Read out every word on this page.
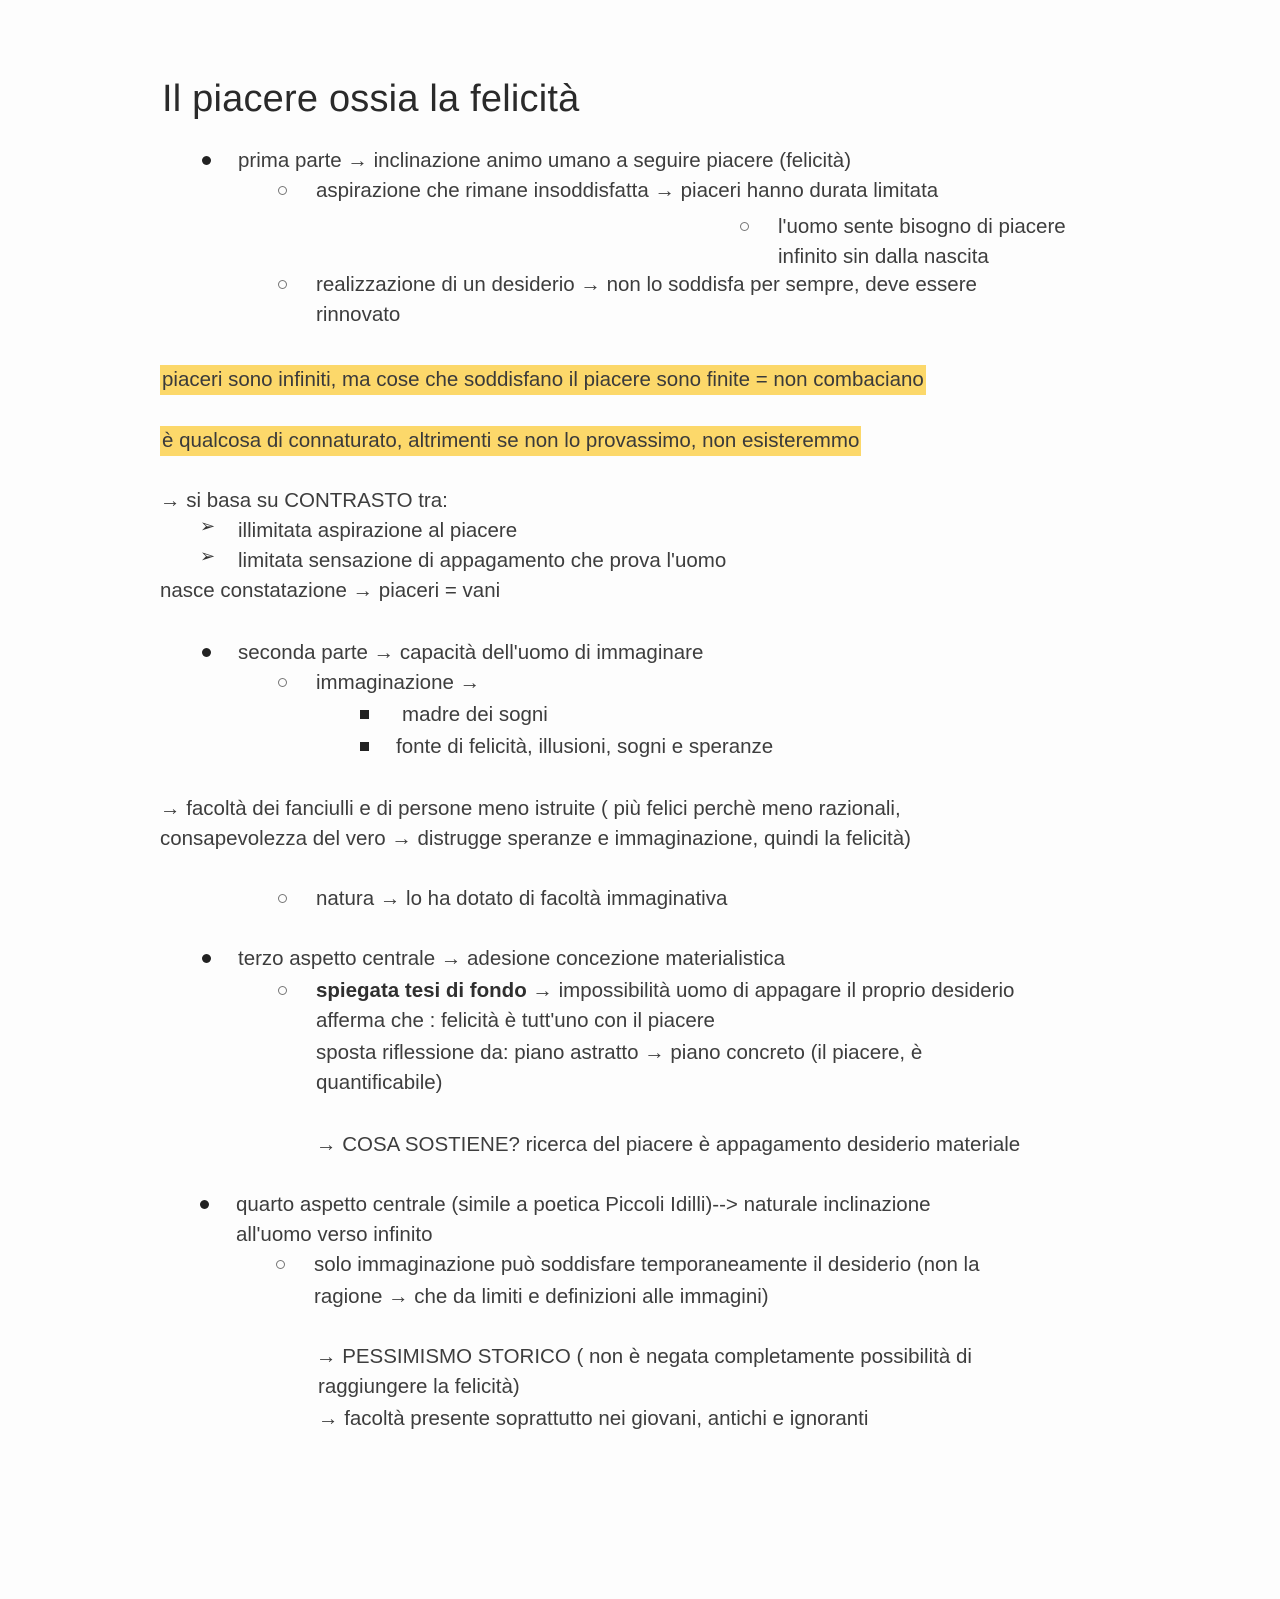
Il piacere ossia la felicità
prima parte → inclinazione animo umano a seguire piacere (felicità)
aspirazione che rimane insoddisfatta → piaceri hanno durata limitata
l'uomo sente bisogno di piacere
infinito sin dalla nascita
realizzazione di un desiderio → non lo soddisfa per sempre, deve essere
rinnovato
piaceri sono infiniti, ma cose che soddisfano il piacere sono finite = non combaciano
è qualcosa di connaturato, altrimenti se non lo provassimo, non esisteremmo
→ si basa su CONTRASTO tra:
➢ illimitata aspirazione al piacere
➢ limitata sensazione di appagamento che prova l'uomo
nasce constatazione → piaceri = vani
seconda parte → capacità dell'uomo di immaginare
immaginazione →
madre dei sogni
fonte di felicità, illusioni, sogni e speranze
→ facoltà dei fanciulli e di persone meno istruite ( più felici perchè meno razionali,
consapevolezza del vero → distrugge speranze e immaginazione, quindi la felicità)
natura → lo ha dotato di facoltà immaginativa
terzo aspetto centrale → adesione concezione materialistica
spiegata tesi di fondo → impossibilità uomo di appagare il proprio desiderio
afferma che : felicità è tutt'uno con il piacere
sposta riflessione da: piano astratto → piano concreto (il piacere, è
quantificabile)
→ COSA SOSTIENE? ricerca del piacere è appagamento desiderio materiale
quarto aspetto centrale (simile a poetica Piccoli Idilli)--> naturale inclinazione
all'uomo verso infinito
solo immaginazione può soddisfare temporaneamente il desiderio (non la
ragione → che da limiti e definizioni alle immagini)
→ PESSIMISMO STORICO ( non è negata completamente possibilità di
raggiungere la felicità)
→ facoltà presente soprattutto nei giovani, antichi e ignoranti
